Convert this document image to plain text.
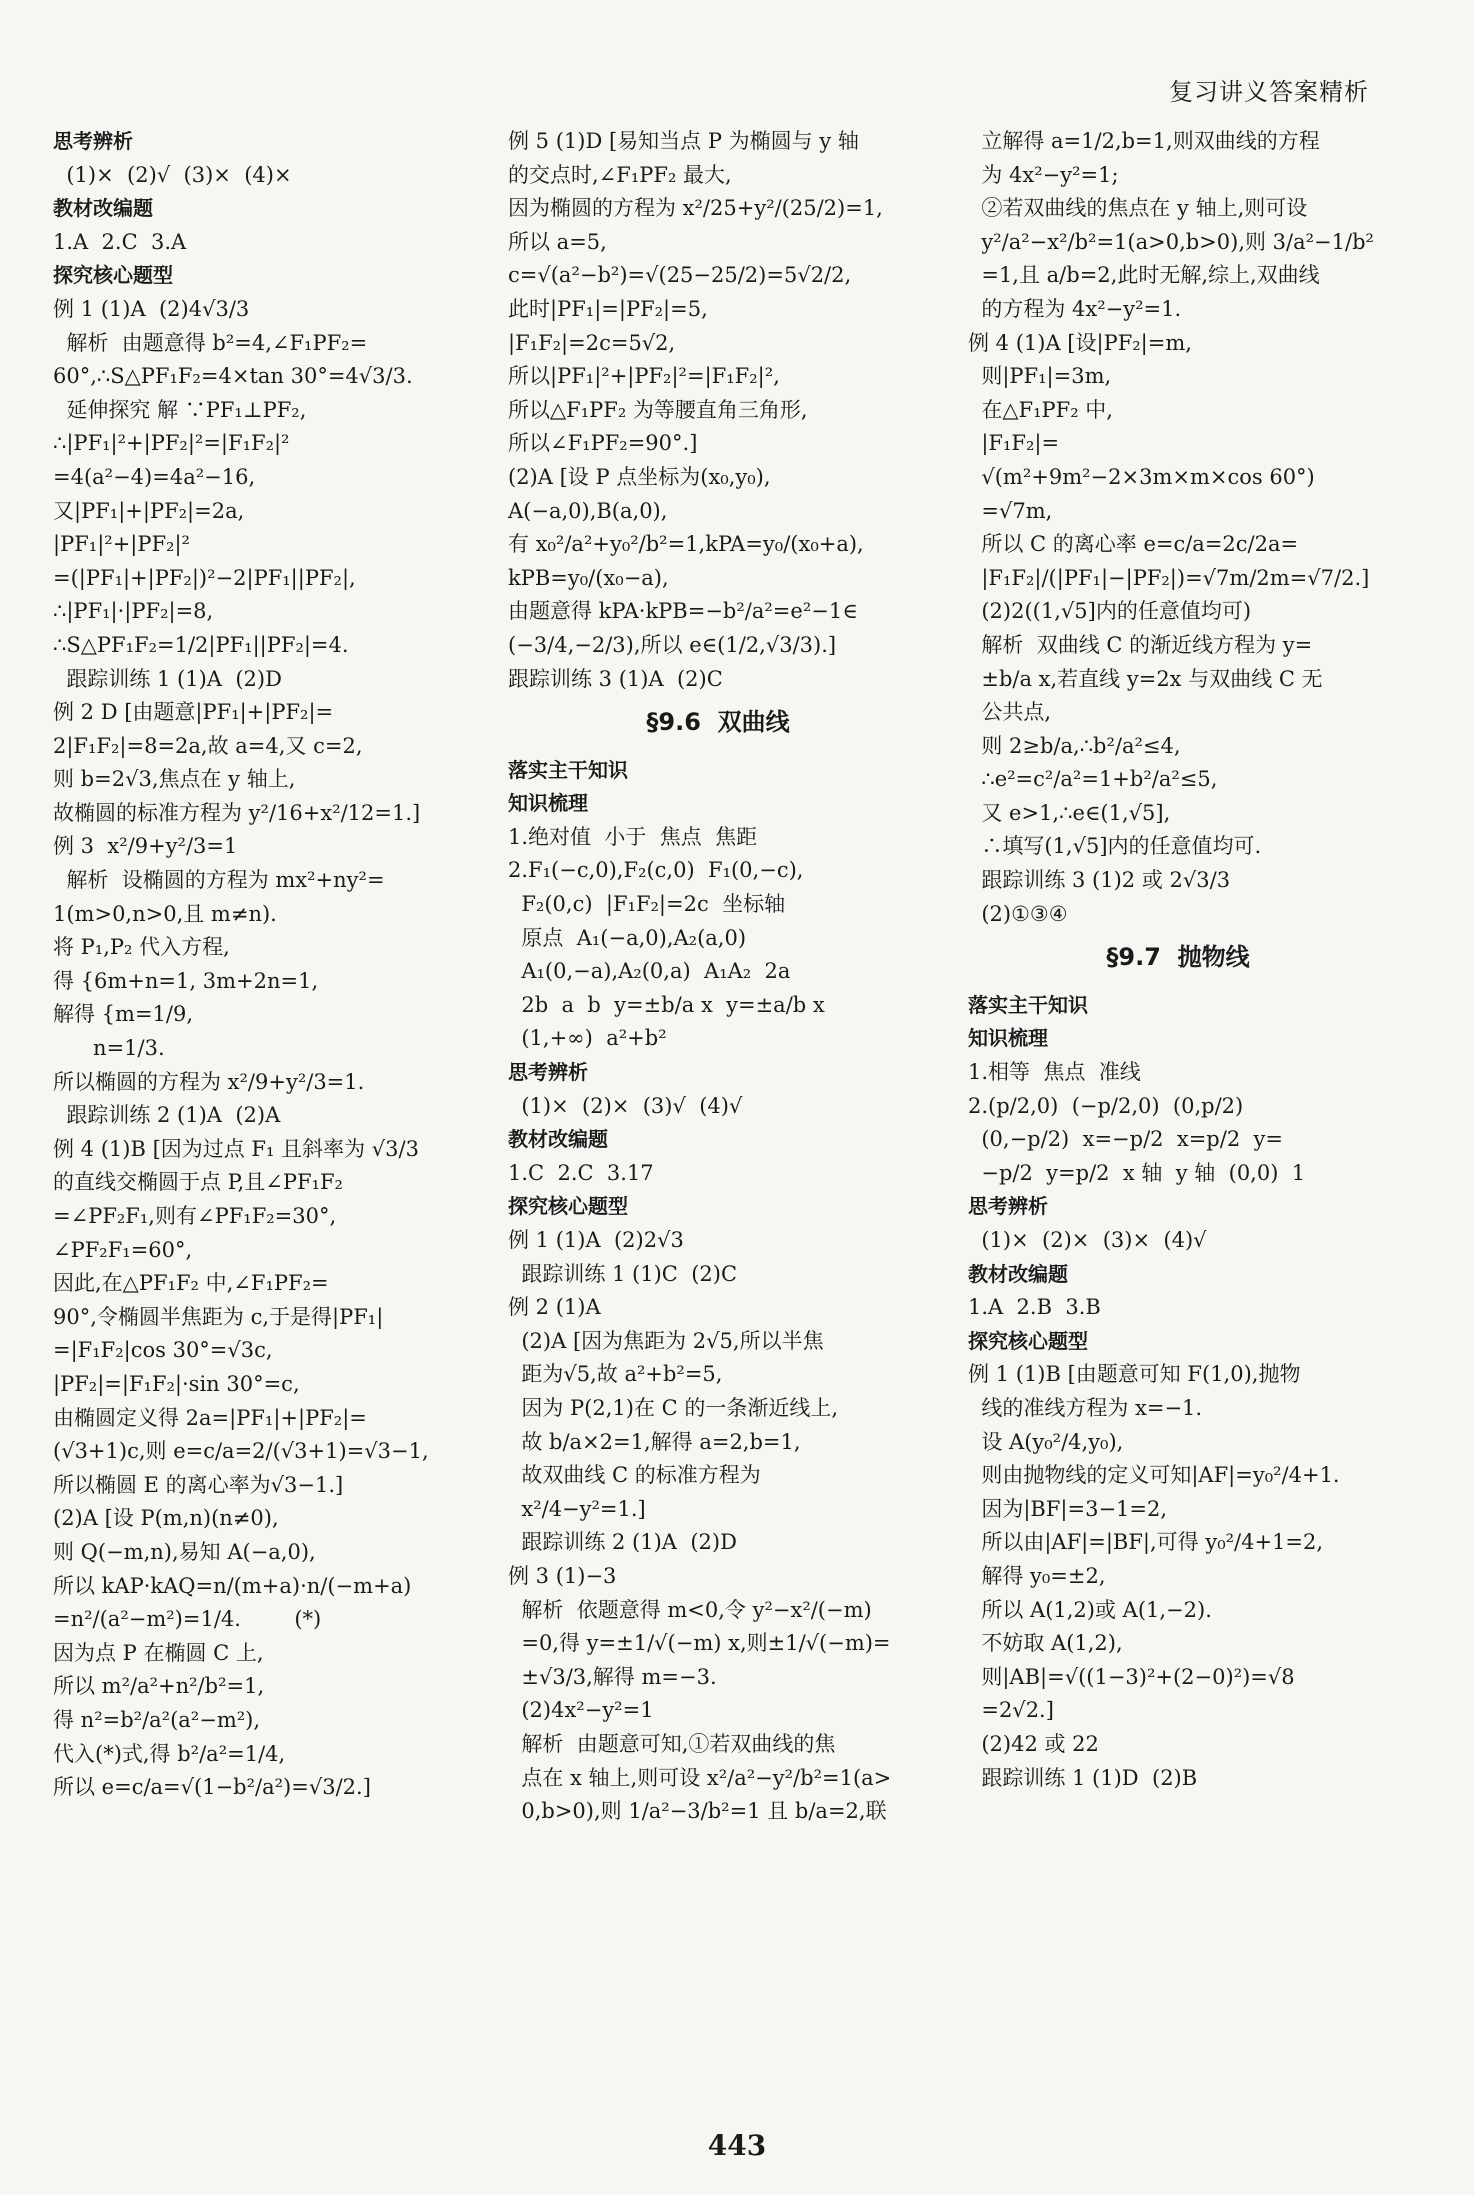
复习讲义答案精析
思考辨析
(1)×  (2)√  (3)×  (4)×
教材改编题
1.A  2.C  3.A
探究核心题型
例 1 (1)A  (2)4√3/3
解析  由题意得 b²=4,∠F₁PF₂=
60°,∴S△PF₁F₂=4×tan 30°=4√3/3.
延伸探究 解 ∵PF₁⊥PF₂,
∴|PF₁|²+|PF₂|²=|F₁F₂|²
=4(a²−4)=4a²−16,
又|PF₁|+|PF₂|=2a,
|PF₁|²+|PF₂|²
=(|PF₁|+|PF₂|)²−2|PF₁||PF₂|,
∴|PF₁|·|PF₂|=8,
∴S△PF₁F₂=1/2|PF₁||PF₂|=4.
跟踪训练 1 (1)A  (2)D
例 2 D [由题意|PF₁|+|PF₂|=
2|F₁F₂|=8=2a,故 a=4,又 c=2,
则 b=2√3,焦点在 y 轴上,
故椭圆的标准方程为 y²/16+x²/12=1.]
例 3  x²/9+y²/3=1
解析  设椭圆的方程为 mx²+ny²=
1(m>0,n>0,且 m≠n).
将 P₁,P₂ 代入方程,
得 {6m+n=1, 3m+2n=1,
解得 {m=1/9,
n=1/3.
所以椭圆的方程为 x²/9+y²/3=1.
跟踪训练 2 (1)A  (2)A
例 4 (1)B [因为过点 F₁ 且斜率为 √3/3
的直线交椭圆于点 P,且∠PF₁F₂
=∠PF₂F₁,则有∠PF₁F₂=30°,
∠PF₂F₁=60°,
因此,在△PF₁F₂ 中,∠F₁PF₂=
90°,令椭圆半焦距为 c,于是得|PF₁|
=|F₁F₂|cos 30°=√3c,
|PF₂|=|F₁F₂|·sin 30°=c,
由椭圆定义得 2a=|PF₁|+|PF₂|=
(√3+1)c,则 e=c/a=2/(√3+1)=√3−1,
所以椭圆 E 的离心率为√3−1.]
(2)A [设 P(m,n)(n≠0),
则 Q(−m,n),易知 A(−a,0),
所以 kAP·kAQ=n/(m+a)·n/(−m+a)
=n²/(a²−m²)=1/4.        (*)
因为点 P 在椭圆 C 上,
所以 m²/a²+n²/b²=1,
得 n²=b²/a²(a²−m²),
代入(*)式,得 b²/a²=1/4,
所以 e=c/a=√(1−b²/a²)=√3/2.]
例 5 (1)D [易知当点 P 为椭圆与 y 轴
的交点时,∠F₁PF₂ 最大,
因为椭圆的方程为 x²/25+y²/(25/2)=1,
所以 a=5,
c=√(a²−b²)=√(25−25/2)=5√2/2,
此时|PF₁|=|PF₂|=5,
|F₁F₂|=2c=5√2,
所以|PF₁|²+|PF₂|²=|F₁F₂|²,
所以△F₁PF₂ 为等腰直角三角形,
所以∠F₁PF₂=90°.]
(2)A [设 P 点坐标为(x₀,y₀),
A(−a,0),B(a,0),
有 x₀²/a²+y₀²/b²=1,kPA=y₀/(x₀+a),
kPB=y₀/(x₀−a),
由题意得 kPA·kPB=−b²/a²=e²−1∈
(−3/4,−2/3),所以 e∈(1/2,√3/3).]
跟踪训练 3 (1)A  (2)C
§9.6  双曲线
落实主干知识
知识梳理
1.绝对值  小于  焦点  焦距
2.F₁(−c,0),F₂(c,0)  F₁(0,−c),
F₂(0,c)  |F₁F₂|=2c  坐标轴
原点  A₁(−a,0),A₂(a,0)
A₁(0,−a),A₂(0,a)  A₁A₂  2a
2b  a  b  y=±b/a x  y=±a/b x
(1,+∞)  a²+b²
思考辨析
(1)×  (2)×  (3)√  (4)√
教材改编题
1.C  2.C  3.17
探究核心题型
例 1 (1)A  (2)2√3
跟踪训练 1 (1)C  (2)C
例 2 (1)A
(2)A [因为焦距为 2√5,所以半焦
距为√5,故 a²+b²=5,
因为 P(2,1)在 C 的一条渐近线上,
故 b/a×2=1,解得 a=2,b=1,
故双曲线 C 的标准方程为
x²/4−y²=1.]
跟踪训练 2 (1)A  (2)D
例 3 (1)−3
解析  依题意得 m<0,令 y²−x²/(−m)
=0,得 y=±1/√(−m) x,则±1/√(−m)=
±√3/3,解得 m=−3.
(2)4x²−y²=1
解析  由题意可知,①若双曲线的焦
点在 x 轴上,则可设 x²/a²−y²/b²=1(a>
0,b>0),则 1/a²−3/b²=1 且 b/a=2,联
立解得 a=1/2,b=1,则双曲线的方程
为 4x²−y²=1;
②若双曲线的焦点在 y 轴上,则可设
y²/a²−x²/b²=1(a>0,b>0),则 3/a²−1/b²
=1,且 a/b=2,此时无解,综上,双曲线
的方程为 4x²−y²=1.
例 4 (1)A [设|PF₂|=m,
则|PF₁|=3m,
在△F₁PF₂ 中,
|F₁F₂|=
√(m²+9m²−2×3m×m×cos 60°)
=√7m,
所以 C 的离心率 e=c/a=2c/2a=
|F₁F₂|/(|PF₁|−|PF₂|)=√7m/2m=√7/2.]
(2)2((1,√5]内的任意值均可)
解析  双曲线 C 的渐近线方程为 y=
±b/a x,若直线 y=2x 与双曲线 C 无
公共点,
则 2≥b/a,∴b²/a²≤4,
∴e²=c²/a²=1+b²/a²≤5,
又 e>1,∴e∈(1,√5],
∴填写(1,√5]内的任意值均可.
跟踪训练 3 (1)2 或 2√3/3
(2)①③④
§9.7  抛物线
落实主干知识
知识梳理
1.相等  焦点  准线
2.(p/2,0)  (−p/2,0)  (0,p/2)
(0,−p/2)  x=−p/2  x=p/2  y=
−p/2  y=p/2  x 轴  y 轴  (0,0)  1
思考辨析
(1)×  (2)×  (3)×  (4)√
教材改编题
1.A  2.B  3.B
探究核心题型
例 1 (1)B [由题意可知 F(1,0),抛物
线的准线方程为 x=−1.
设 A(y₀²/4,y₀),
则由抛物线的定义可知|AF|=y₀²/4+1.
因为|BF|=3−1=2,
所以由|AF|=|BF|,可得 y₀²/4+1=2,
解得 y₀=±2,
所以 A(1,2)或 A(1,−2).
不妨取 A(1,2),
则|AB|=√((1−3)²+(2−0)²)=√8
=2√2.]
(2)42 或 22
跟踪训练 1 (1)D  (2)B
443
